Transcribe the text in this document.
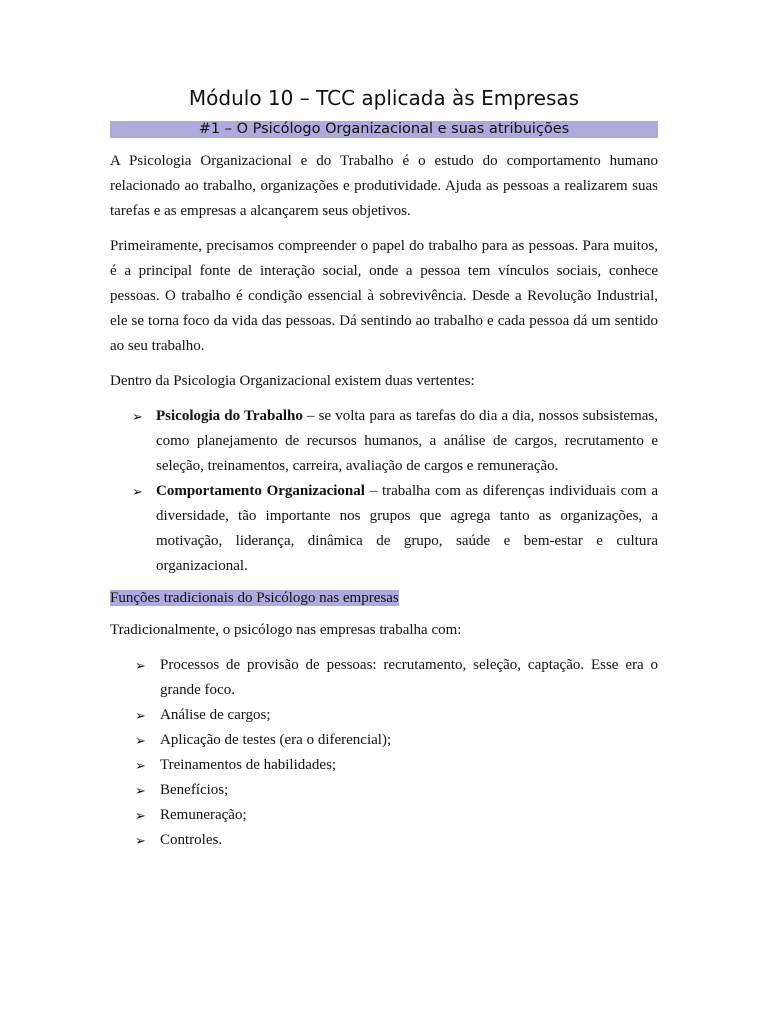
Módulo 10 – TCC aplicada às Empresas
#1 – O Psicólogo Organizacional e suas atribuições

A Psicologia Organizacional e do Trabalho é o estudo do comportamento humano relacionado ao trabalho, organizações e produtividade. Ajuda as pessoas a realizarem suas tarefas e as empresas a alcançarem seus objetivos.

Primeiramente, precisamos compreender o papel do trabalho para as pessoas. Para muitos, é a principal fonte de interação social, onde a pessoa tem vínculos sociais, conhece pessoas. O trabalho é condição essencial à sobrevivência. Desde a Revolução Industrial, ele se torna foco da vida das pessoas. Dá sentindo ao trabalho e cada pessoa dá um sentido ao seu trabalho.

Dentro da Psicologia Organizacional existem duas vertentes:

➢ Psicologia do Trabalho – se volta para as tarefas do dia a dia, nossos subsistemas, como planejamento de recursos humanos, a análise de cargos, recrutamento e seleção, treinamentos, carreira, avaliação de cargos e remuneração.
➢ Comportamento Organizacional – trabalha com as diferenças individuais com a diversidade, tão importante nos grupos que agrega tanto as organizações, a motivação, liderança, dinâmica de grupo, saúde e bem-estar e cultura organizacional.
Funções tradicionais do Psicólogo nas empresas

Tradicionalmente, o psicólogo nas empresas trabalha com:

➢ Processos de provisão de pessoas: recrutamento, seleção, captação. Esse era o grande foco.
➢ Análise de cargos;
➢ Aplicação de testes (era o diferencial);
➢ Treinamentos de habilidades;
➢ Benefícios;
➢ Remuneração;
➢ Controles.
